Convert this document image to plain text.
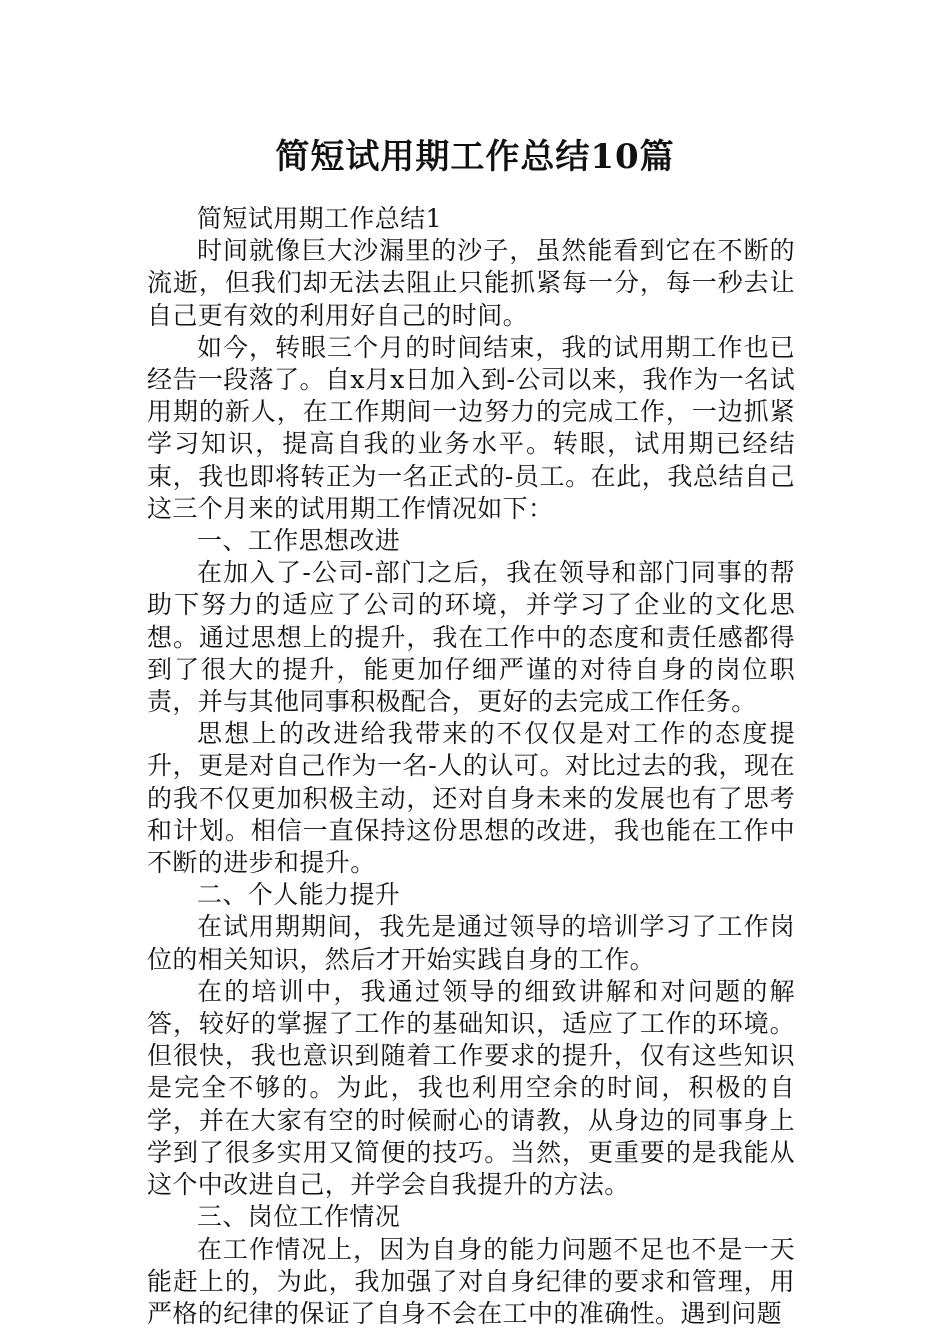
简短试用期工作总结10篇

简短试用期工作总结1

时间就像巨大沙漏里的沙子，虽然能看到它在不断的流逝，但我们却无法去阻止只能抓紧每一分，每一秒去让自己更有效的利用好自己的时间。

如今，转眼三个月的时间结束，我的试用期工作也已经告一段落了。自x月x日加入到-公司以来，我作为一名试用期的新人，在工作期间一边努力的完成工作，一边抓紧学习知识，提高自我的业务水平。转眼，试用期已经结束，我也即将转正为一名正式的-员工。在此，我总结自己这三个月来的试用期工作情况如下：

一、工作思想改进

在加入了-公司-部门之后，我在领导和部门同事的帮助下努力的适应了公司的环境，并学习了企业的文化思想。通过思想上的提升，我在工作中的态度和责任感都得到了很大的提升，能更加仔细严谨的对待自身的岗位职责，并与其他同事积极配合，更好的去完成工作任务。

思想上的改进给我带来的不仅仅是对工作的态度提升，更是对自己作为一名-人的认可。对比过去的我，现在的我不仅更加积极主动，还对自身未来的发展也有了思考和计划。相信一直保持这份思想的改进，我也能在工作中不断的进步和提升。

二、个人能力提升

在试用期期间，我先是通过领导的培训学习了工作岗位的相关知识，然后才开始实践自身的工作。

在的培训中，我通过领导的细致讲解和对问题的解答，较好的掌握了工作的基础知识，适应了工作的环境。但很快，我也意识到随着工作要求的提升，仅有这些知识是完全不够的。为此，我也利用空余的时间，积极的自学，并在大家有空的时候耐心的请教，从身边的同事身上学到了很多实用又简便的技巧。当然，更重要的是我能从这个中改进自己，并学会自我提升的方法。

三、岗位工作情况

在工作情况上，因为自身的能力问题不足也不是一天能赶上的，为此，我加强了对自身纪律的要求和管理，用严格的纪律的保证了自身不会在工中的准确性。遇到问题
